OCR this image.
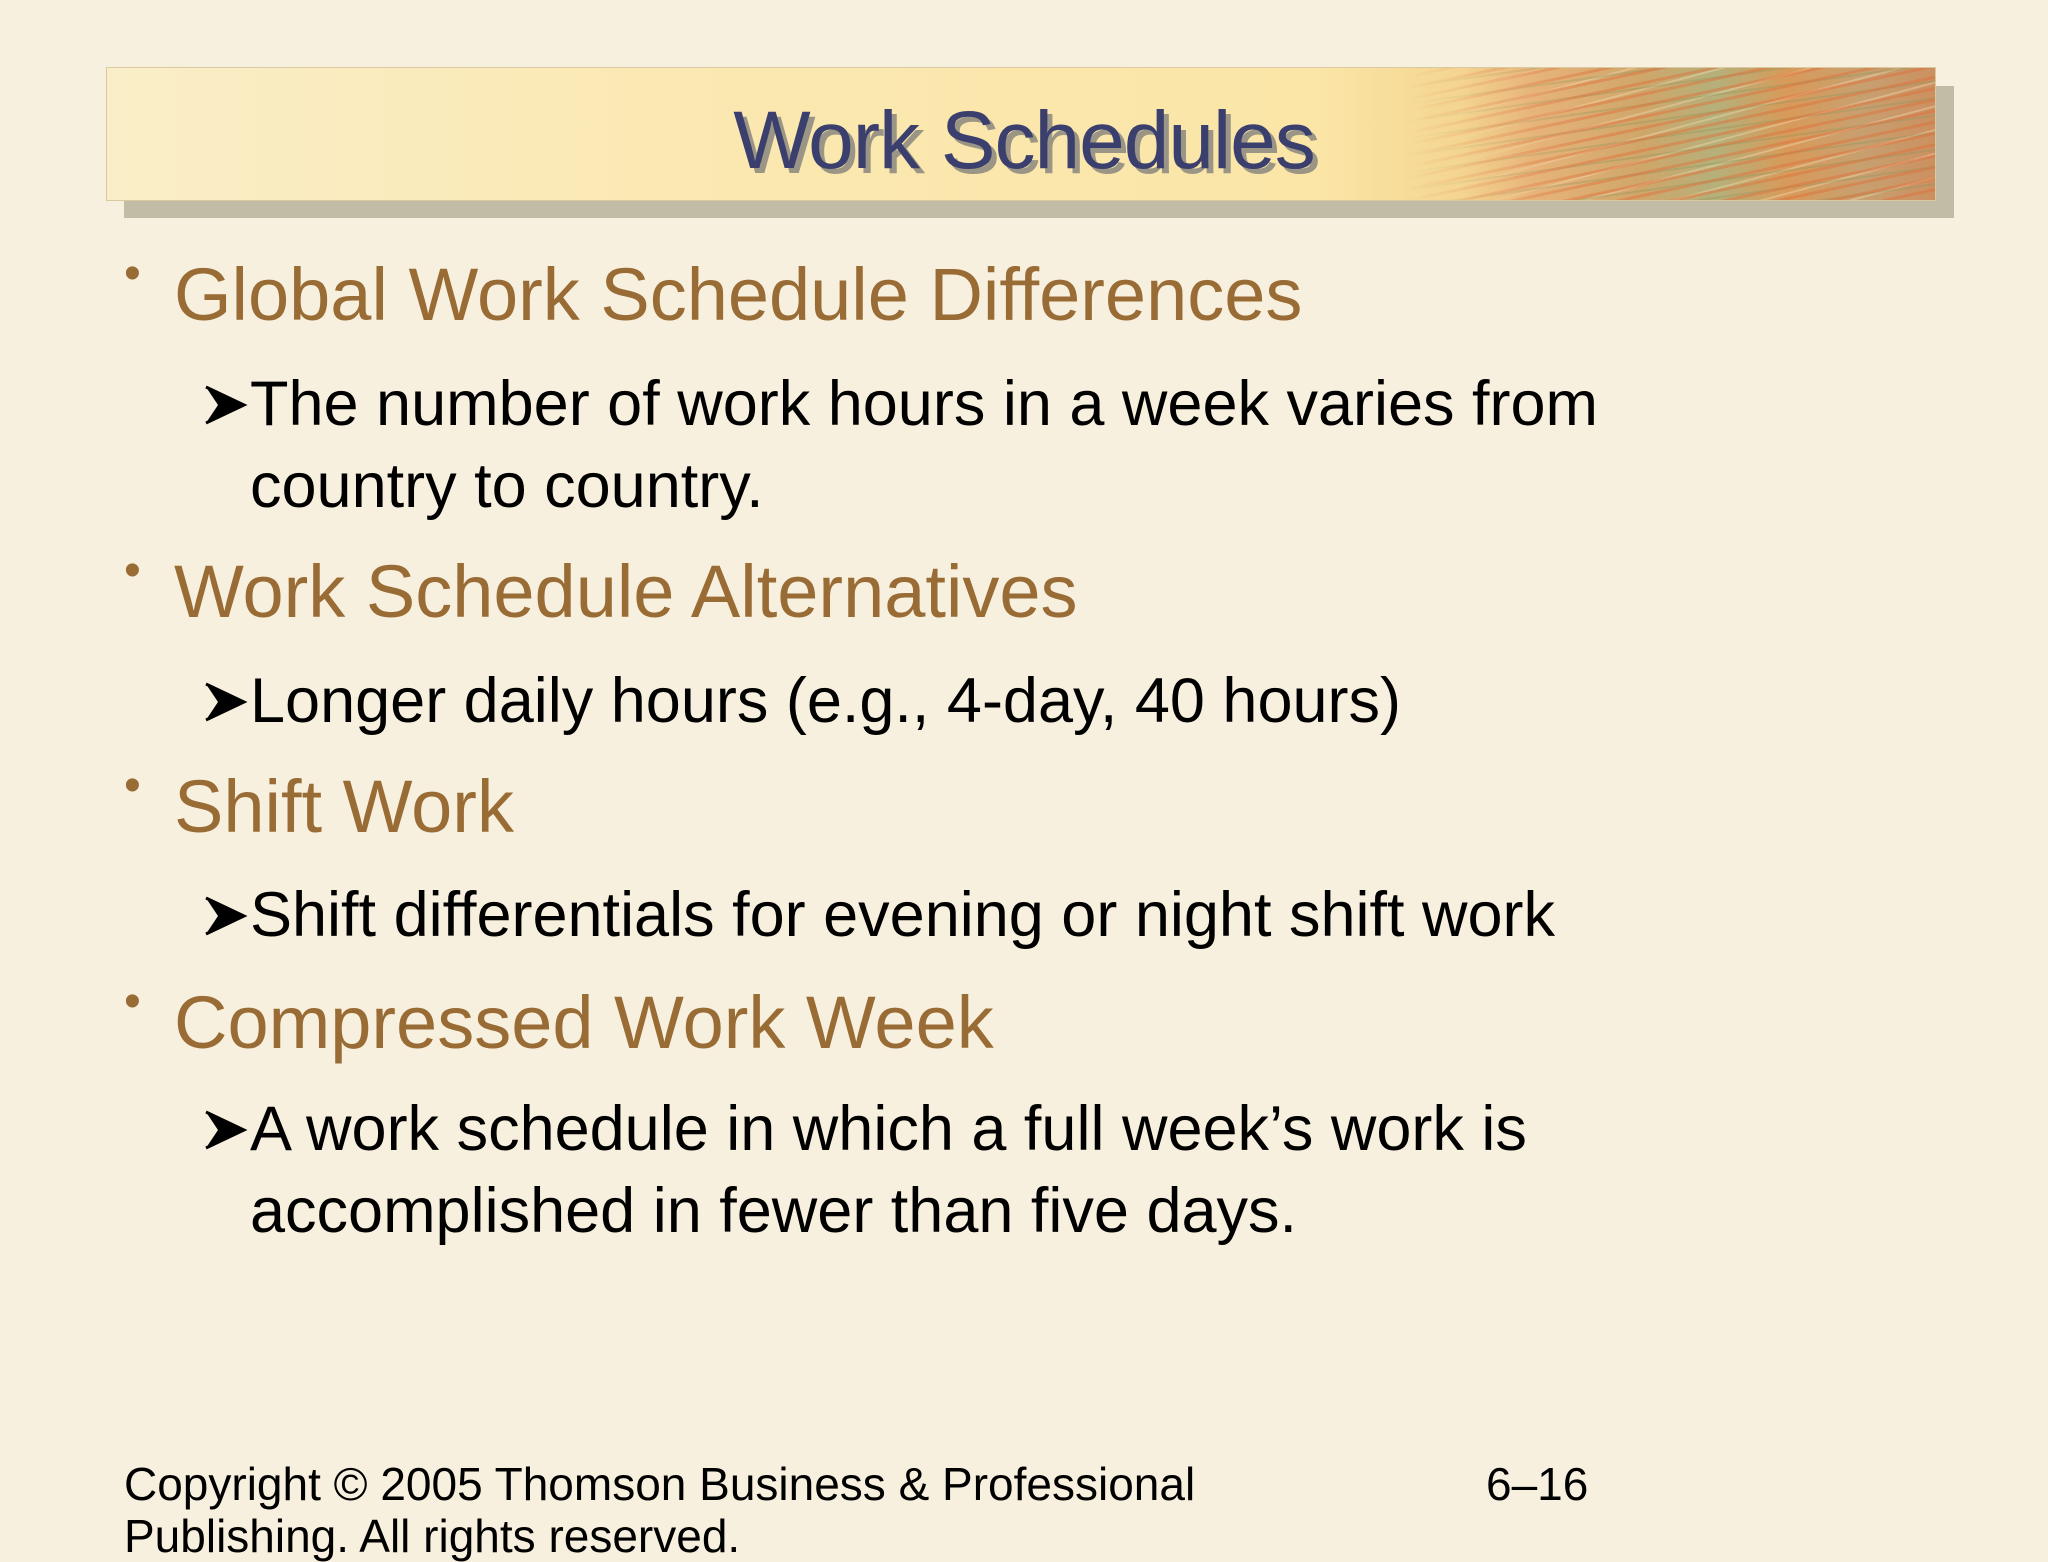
Work Schedules
• Global Work Schedule Differences
The number of work hours in a week varies from country to country.
• Work Schedule Alternatives
Longer daily hours (e.g., 4-day, 40 hours)
• Shift Work
Shift differentials for evening or night shift work
• Compressed Work Week
A work schedule in which a full week’s work is accomplished in fewer than five days.
Copyright © 2005 Thomson Business & Professional Publishing. All rights reserved.
6–16
